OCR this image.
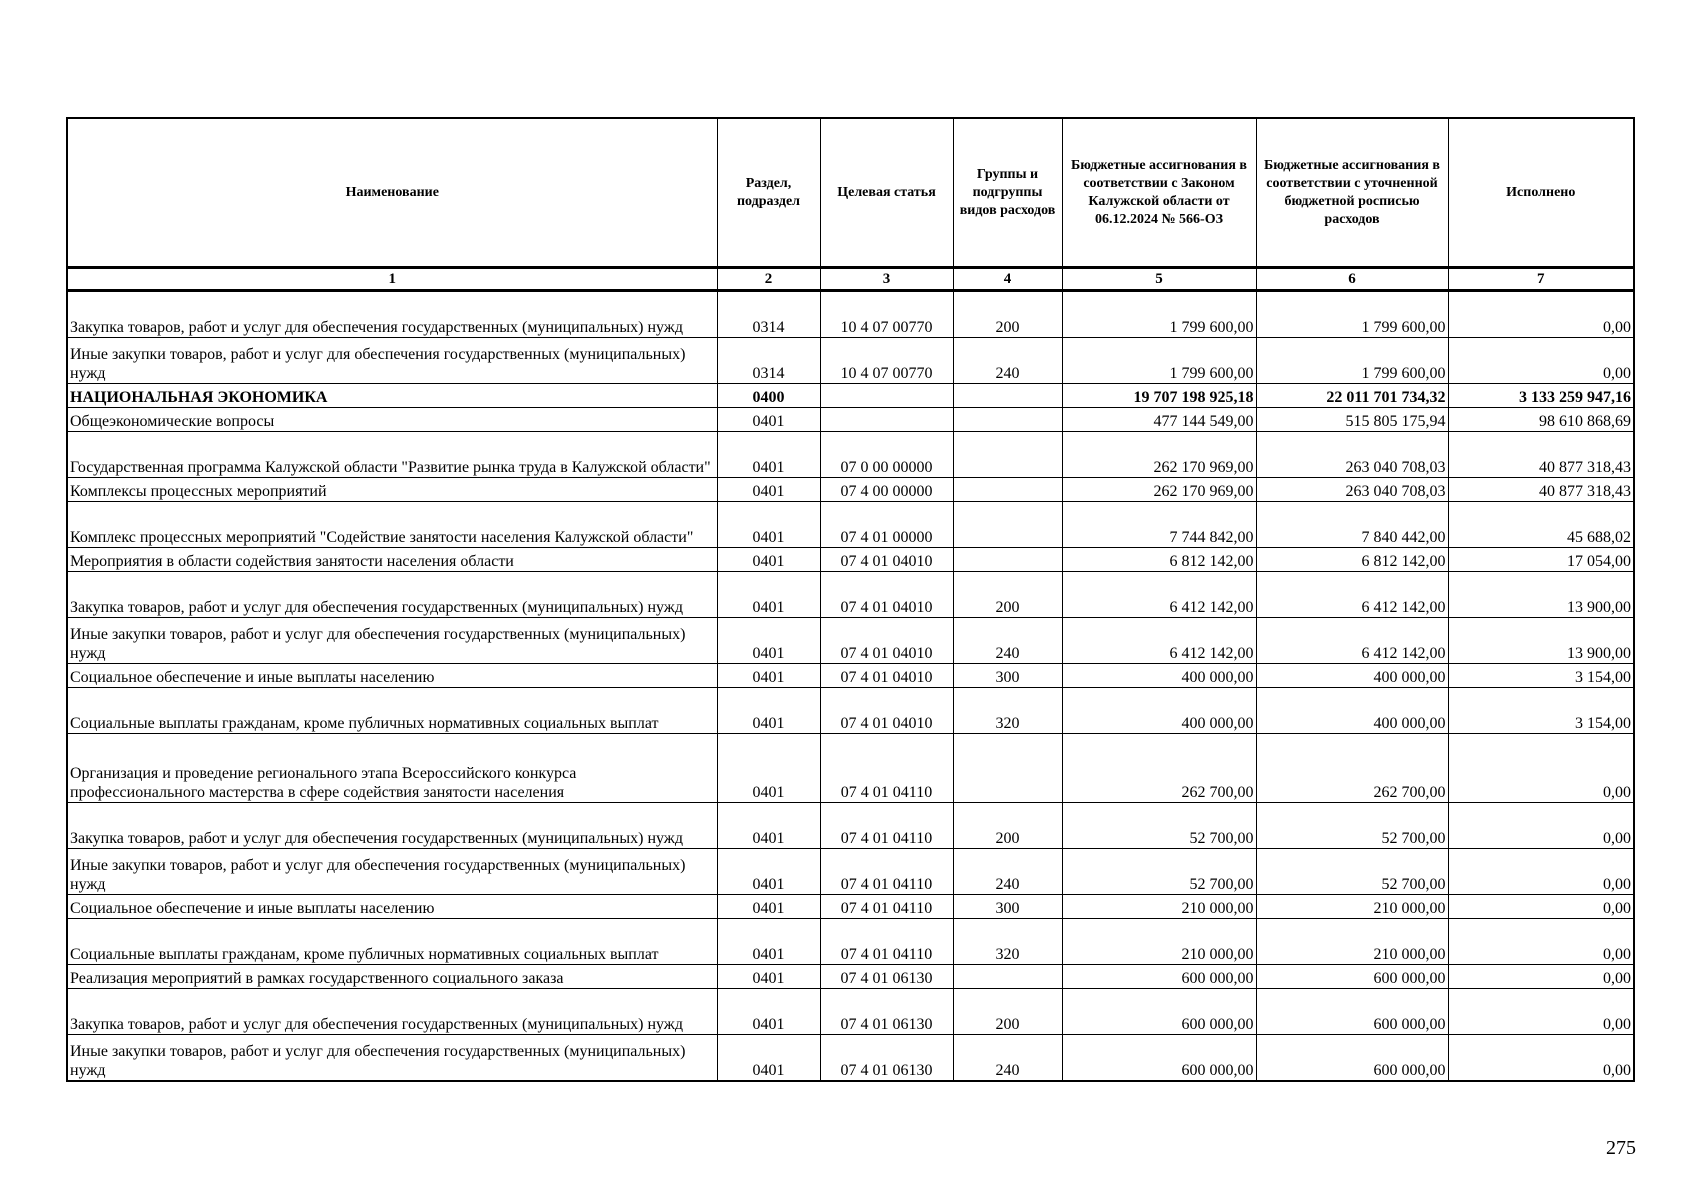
Наименование	Раздел, подраздел	Целевая статья	Группы и подгруппы видов расходов	Бюджетные ассигнования в соответствии с Законом Калужской области от 06.12.2024 № 566-ОЗ	Бюджетные ассигнования в соответствии с уточненной бюджетной росписью расходов	Исполнено
1	2	3	4	5	6	7
Закупка товаров, работ и услуг для обеспечения государственных (муниципальных) нужд	0314	10 4 07 00770	200	1 799 600,00	1 799 600,00	0,00
Иные закупки товаров, работ и услуг для обеспечения государственных (муниципальных) нужд	0314	10 4 07 00770	240	1 799 600,00	1 799 600,00	0,00
НАЦИОНАЛЬНАЯ ЭКОНОМИКА	0400			19 707 198 925,18	22 011 701 734,32	3 133 259 947,16
Общеэкономические вопросы	0401			477 144 549,00	515 805 175,94	98 610 868,69
Государственная программа Калужской области "Развитие рынка труда в Калужской области"	0401	07 0 00 00000		262 170 969,00	263 040 708,03	40 877 318,43
Комплексы процессных мероприятий	0401	07 4 00 00000		262 170 969,00	263 040 708,03	40 877 318,43
Комплекс процессных мероприятий "Содействие занятости населения Калужской области"	0401	07 4 01 00000		7 744 842,00	7 840 442,00	45 688,02
Мероприятия в области содействия занятости населения области	0401	07 4 01 04010		6 812 142,00	6 812 142,00	17 054,00
Закупка товаров, работ и услуг для обеспечения государственных (муниципальных) нужд	0401	07 4 01 04010	200	6 412 142,00	6 412 142,00	13 900,00
Иные закупки товаров, работ и услуг для обеспечения государственных (муниципальных) нужд	0401	07 4 01 04010	240	6 412 142,00	6 412 142,00	13 900,00
Социальное обеспечение и иные выплаты населению	0401	07 4 01 04010	300	400 000,00	400 000,00	3 154,00
Социальные выплаты гражданам, кроме публичных нормативных социальных выплат	0401	07 4 01 04010	320	400 000,00	400 000,00	3 154,00
Организация и проведение регионального этапа Всероссийского конкурса профессионального мастерства в сфере содействия занятости населения	0401	07 4 01 04110		262 700,00	262 700,00	0,00
Закупка товаров, работ и услуг для обеспечения государственных (муниципальных) нужд	0401	07 4 01 04110	200	52 700,00	52 700,00	0,00
Иные закупки товаров, работ и услуг для обеспечения государственных (муниципальных) нужд	0401	07 4 01 04110	240	52 700,00	52 700,00	0,00
Социальное обеспечение и иные выплаты населению	0401	07 4 01 04110	300	210 000,00	210 000,00	0,00
Социальные выплаты гражданам, кроме публичных нормативных социальных выплат	0401	07 4 01 04110	320	210 000,00	210 000,00	0,00
Реализация мероприятий в рамках государственного социального заказа	0401	07 4 01 06130		600 000,00	600 000,00	0,00
Закупка товаров, работ и услуг для обеспечения государственных (муниципальных) нужд	0401	07 4 01 06130	200	600 000,00	600 000,00	0,00
Иные закупки товаров, работ и услуг для обеспечения государственных (муниципальных) нужд	0401	07 4 01 06130	240	600 000,00	600 000,00	0,00
275
